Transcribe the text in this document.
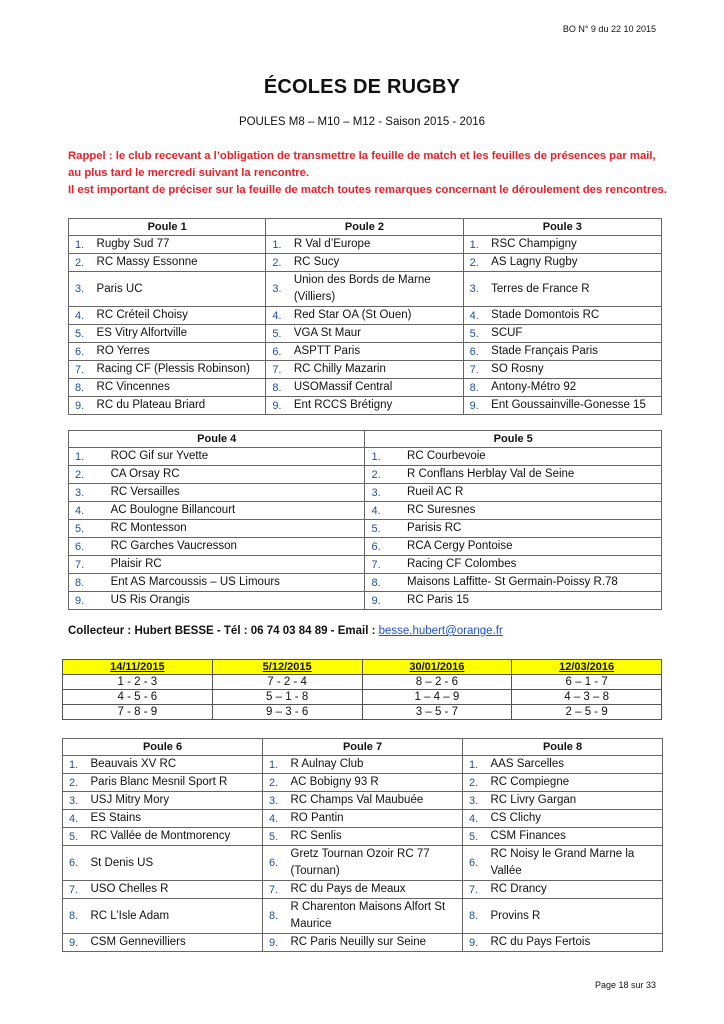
BO N° 9 du 22 10 2015
ÉCOLES DE RUGBY
POULES M8 – M10 – M12 - Saison 2015 - 2016

Rappel : le club recevant a l’obligation de transmettre la feuille de match et les feuilles de présences par mail, au plus tard le mercredi suivant la rencontre.

Il est important de préciser sur la feuille de match toutes remarques concernant le déroulement des rencontres.

Poule 1		Poule 2		Poule 3	
1.	Rugby Sud 77	1.	R Val d’Europe	1.	RSC Champigny
2.	RC Massy Essonne	2.	RC Sucy	2.	AS Lagny Rugby
3.	Paris UC	3.	Union des Bords de Marne (Villiers)	3.	Terres de France R
4.	RC Créteil Choisy	4.	Red Star OA (St Ouen)	4.	Stade Domontois RC
5.	ES Vitry Alfortville	5.	VGA St Maur	5.	SCUF
6.	RO Yerres	6.	ASPTT Paris	6.	Stade Français Paris
7.	Racing CF (Plessis Robinson)	7.	RC Chilly Mazarin	7.	SO Rosny
8.	RC Vincennes	8.	USOMassif Central	8.	Antony-Métro 92
9.	RC du Plateau Briard	9.	Ent RCCS Brétigny	9.	Ent Goussainville-Gonesse 15
Poule 4		Poule 5	
1.	ROC Gif sur Yvette	1.	RC Courbevoie
2.	CA Orsay RC	2.	R Conflans Herblay Val de Seine
3.	RC Versailles	3.	Rueil AC R
4.	AC Boulogne Billancourt	4.	RC Suresnes
5.	RC Montesson	5.	Parisis RC
6.	RC Garches Vaucresson	6.	RCA Cergy Pontoise
7.	Plaisir RC	7.	Racing CF Colombes
8.	Ent AS Marcoussis – US Limours	8.	Maisons Laffitte- St Germain-Poissy R.78
9.	US Ris Orangis	9.	RC Paris 15
Collecteur : Hubert BESSE - Tél : 06 74 03 84 89 - Email : besse.hubert@orange.fr
14/11/2015	5/12/2015	30/01/2016	12/03/2016
1 - 2 - 3	7 - 2 - 4	8 – 2 - 6	6 – 1 - 7
4 - 5 - 6	5 – 1 - 8	1 – 4 – 9	4 – 3 – 8
7 - 8 - 9	9 – 3 - 6	3 – 5 - 7	2 – 5 - 9
Poule 6		Poule 7		Poule 8	
1.	Beauvais XV RC	1.	R Aulnay Club	1.	AAS Sarcelles
2.	Paris Blanc Mesnil Sport R	2.	AC Bobigny 93 R	2.	RC Compiegne
3.	USJ Mitry Mory	3.	RC Champs Val Maubuée	3.	RC Livry Gargan
4.	ES Stains	4.	RO Pantin	4.	CS Clichy
5.	RC Vallée de Montmorency	5.	RC Senlis	5.	CSM Finances
6.	St Denis US	6.	Gretz Tournan Ozoir RC 77 (Tournan)	6.	RC Noisy le Grand Marne la Vallée
7.	USO Chelles R	7.	RC du Pays de Meaux	7.	RC Drancy
8.	RC L’Isle Adam	8.	R Charenton Maisons Alfort St Maurice	8.	Provins R
9.	CSM Gennevilliers	9.	RC Paris Neuilly sur Seine	9.	RC du Pays Fertois
Page 18 sur 33
